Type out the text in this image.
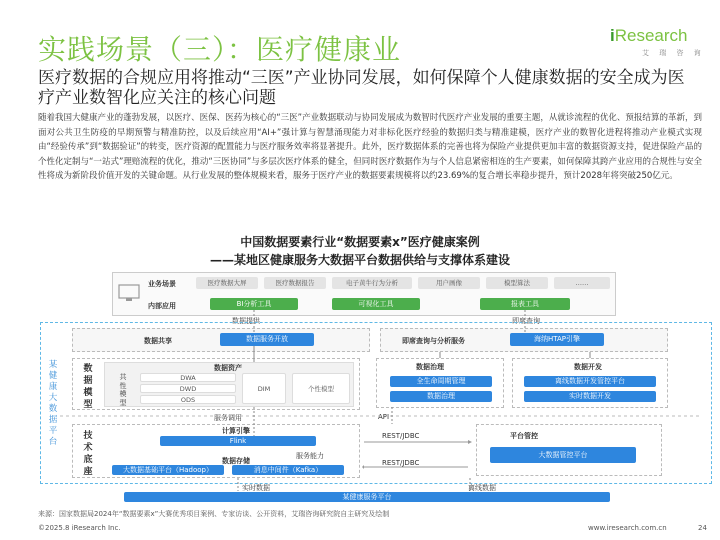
实践场景（三）：医疗健康业	iResearch
艾 瑞 咨 询
医疗数据的合规应用将推动“三医”产业协同发展，如何保障个人健康数据的安全成为医疗产业数智化应关注的核心问题
随着我国大健康产业的蓬勃发展，以医疗、医保、医药为核心的“三医”产业数据联动与协同发展成为数智时代医疗产业发展的重要主题，从就诊流程的优化、预报结算的革新，到面对公共卫生防疫的早期预警与精准防控，以及后续应用“AI+”强计算与智慧涌现能力对非标化医疗经验的数据归类与精准建模，医疗产业的数智化进程将推动产业模式实现由“经验传承”到“数据验证”的转变，医疗资源的配置能力与医疗服务效率将显著提升。此外，医疗数据体系的完善也将为保险产业提供更加丰富的数据资源支持，促进保险产品的个性化定制与“一站式”理赔流程的优化，推动“三医协同”与多层次医疗体系的健全，但同时医疗数据作为与个人信息紧密相连的生产要素，如何保障其跨产业应用的合规性与安全性将成为新阶段价值开发的关键命题。从行业发展的整体规模来看，服务于医疗产业的数据要素规模将以约23.69%的复合增长率稳步提升，预计2028年将突破250亿元。
中国数据要素行业“数据要素x”医疗健康案例
——某地区健康服务大数据平台数据供给与支撑体系建设
业务场景
内部应用
医疗数据大屏	医疗数据报告	电子黄牛行为分析	用户画像	模型算法	……
BI分析工具	可视化工具	报表工具
数据提供	即席查询
某健康大数据平台
数据共享	数据服务开放	即席查询与分析服务	海纳HTAP引擎
数据模型
数据资产
共性模型
DWA
DWD
ODS
DIM	个性模型
数据治理
全生命周期管理
数据治理
数据开发
离线数据开发管控平台
实时数据开发
服务调用	API
技术底座
计算引擎
Flink
服务能力
数据存储
大数据基础平台（Hadoop）	消息中间件（Kafka）
REST/JDBC
REST/JDBC
平台管控
大数据管控平台
实时数据	离线数据
某健康服务平台
来源：国家数据局2024年“数据要素x”大赛优秀项目案例、专家访谈、公开资料，艾瑞咨询研究院自主研究及绘制
©2025.8 iResearch Inc.	www.iresearch.com.cn	24
